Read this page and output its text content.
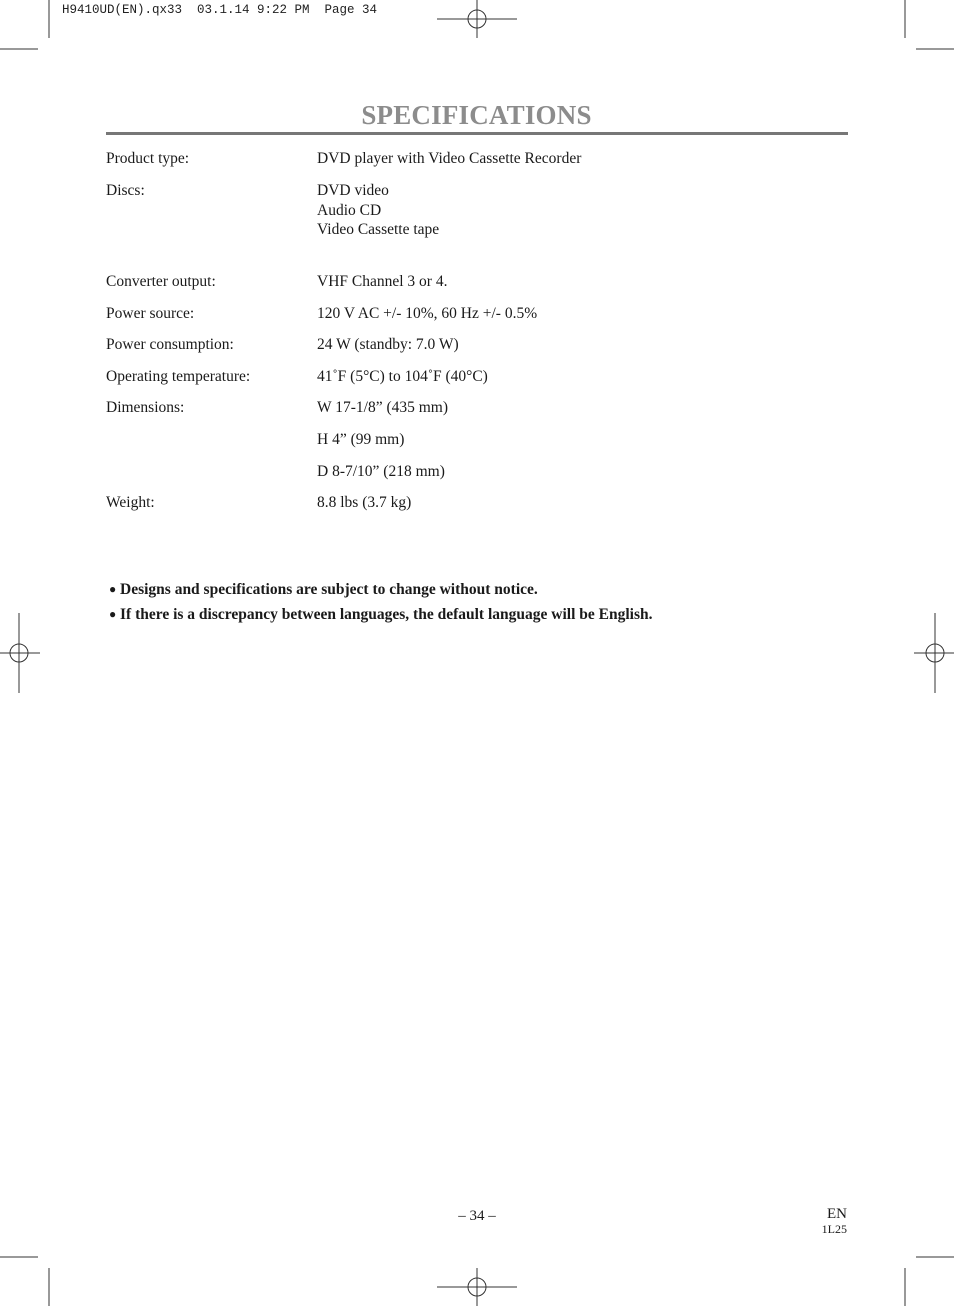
H9410UD(EN).qx33  03.1.14 9:22 PM  Page 34
SPECIFICATIONS
Product type:	DVD player with Video Cassette Recorder
Discs:	DVD video
Audio CD
Video Cassette tape
Converter output:	VHF Channel 3 or 4.
Power source:	120 V AC +/- 10%, 60 Hz +/- 0.5%
Power consumption:	24 W (standby: 7.0 W)
Operating temperature:	41˚F (5°C) to 104˚F (40°C)
Dimensions:	W 17-1/8” (435 mm)
H 4” (99 mm)
D 8-7/10” (218 mm)
Weight:	8.8 lbs (3.7 kg)
● Designs and specifications are subject to change without notice.
● If there is a discrepancy between languages, the default language will be English.
– 34 –	EN
1L25
